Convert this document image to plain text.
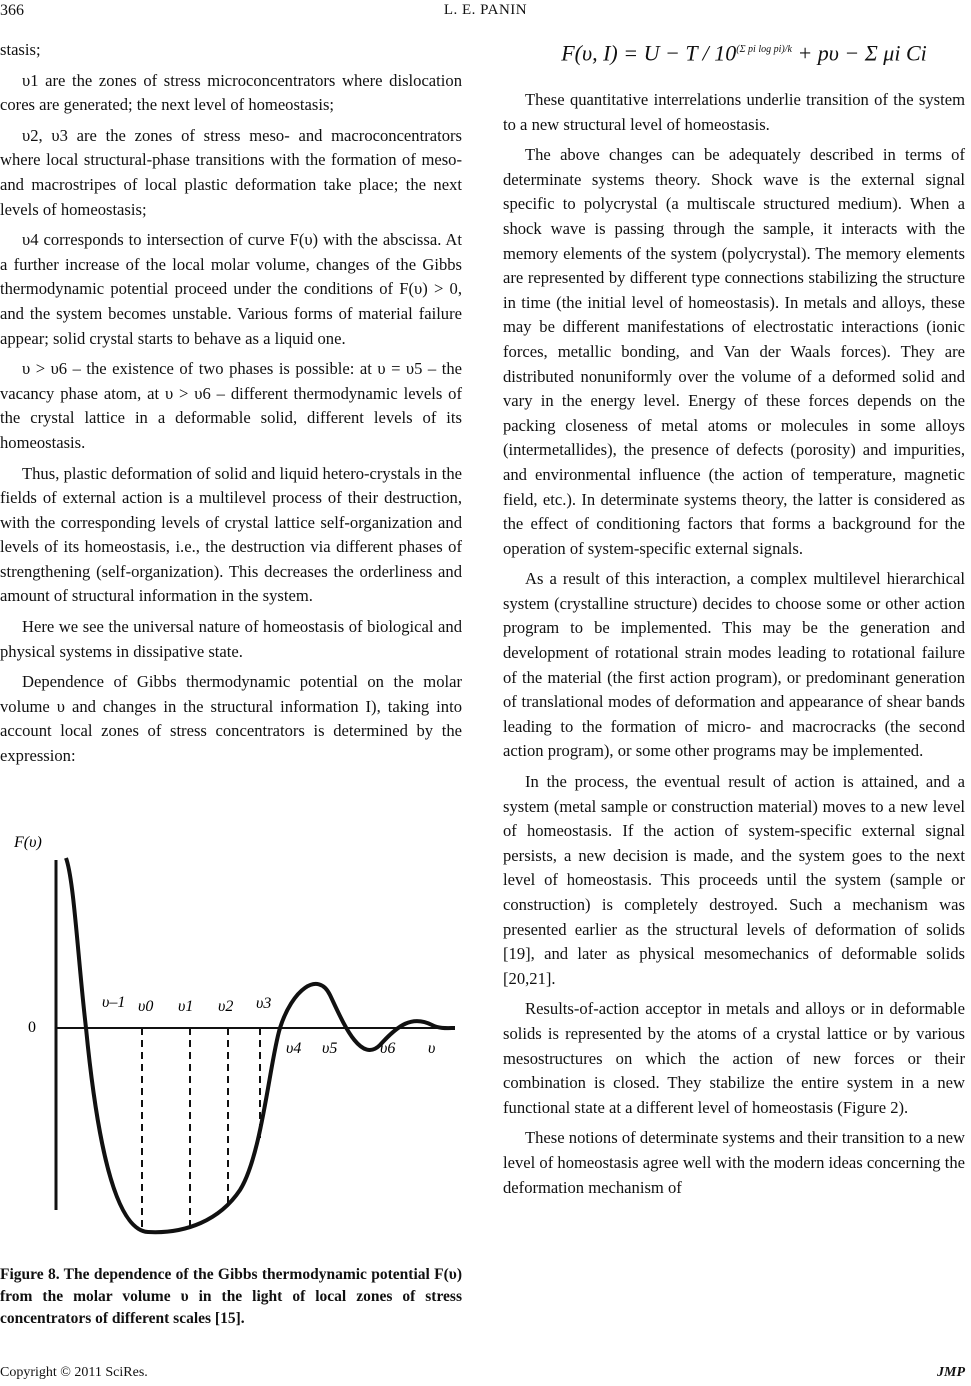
366	L. E. PANIN

stasis;

υ1 are the zones of stress microconcentrators where dislocation cores are generated; the next level of homeostasis;

υ2, υ3 are the zones of stress meso- and macroconcentrators where local structural-phase transitions with the formation of meso- and macrostripes of local plastic deformation take place; the next levels of homeostasis;

υ4 corresponds to intersection of curve F(υ) with the abscissa. At a further increase of the local molar volume, changes of the Gibbs thermodynamic potential proceed under the conditions of F(υ) > 0, and the system becomes unstable. Various forms of material failure appear; solid crystal starts to behave as a liquid one.

υ > υ6 – the existence of two phases is possible: at υ = υ5 – the vacancy phase atom, at υ > υ6 – different thermodynamic levels of the crystal lattice in a deformable solid, different levels of its homeostasis.

Thus, plastic deformation of solid and liquid hetero-crystals in the fields of external action is a multilevel process of their destruction, with the corresponding levels of crystal lattice self-organization and levels of its homeostasis, i.e., the destruction via different phases of strengthening (self-organization). This decreases the orderliness and amount of structural information in the system.

Here we see the universal nature of homeostasis of biological and physical systems in dissipative state.

Dependence of Gibbs thermodynamic potential on the molar volume υ and changes in the structural information I), taking into account local zones of stress concentrators is determined by the expression:

F(υ, $I) = U - T / 10^{(\Sigma pi log pi)/k} + p\upsilon - \Sigma$ μi Ci

These quantitative interrelations underlie transition of the system to a new structural level of homeostasis.

The above changes can be adequately described in terms of determinate systems theory. Shock wave is the external signal specific to polycrystal (a multiscale structured medium). When a shock wave is passing through the sample, it interacts with the memory elements of the system (polycrystal). The memory elements are represented by different type connections stabilizing the structure in time (the initial level of homeostasis). In metals and alloys, these may be different manifestations of electrostatic interactions (ionic forces, metallic bonding, and Van der Waals forces). They are distributed nonuniformly over the volume of a deformed solid and vary in the energy level. Energy of these forces depends on the packing closeness of metal atoms or molecules in some alloys (intermetallides), the presence of defects (porosity) and impurities, and environmental influence (the action of temperature, magnetic field, etc.). In determinate systems theory, the latter is considered as the effect of conditioning factors that forms a background for the operation of system-specific external signals.

As a result of this interaction, a complex multilevel hierarchical system (crystalline structure) decides to choose some or other action program to be implemented. This may be the generation and development of rotational strain modes leading to rotational failure of the material (the first action program), or predominant generation of translational modes of deformation and appearance of shear bands leading to the formation of micro- and macrocracks (the second action program), or some other programs may be implemented.

In the process, the eventual result of action is attained, and a system (metal sample or construction material) moves to a new level of homeostasis. If the action of system-specific external signal persists, a new decision is made, and the system goes to the next level of homeostasis. This proceeds until the system (sample or construction) is completely destroyed. Such a mechanism was presented earlier as the structural levels of deformation of solids [19], and later as physical mesomechanics of deformable solids [20,21].

Results-of-action acceptor in metals and alloys or in deformable solids is represented by the atoms of a crystal lattice or by various mesostructures on which the action of new forces or their combination is closed. They stabilize the entire system in a new functional state at a different level of homeostasis (Figure 2).

These notions of determinate systems and their transition to a new level of homeostasis agree well with the modern ideas concerning the deformation mechanism of

F(υ)
0
υ–1 υ0 υ1 υ2 υ3
υ4 υ5	υ6 υ
Figure 8. The dependence of the Gibbs thermodynamic potential F(υ) from the molar volume υ in the light of local zones of stress concentrators of different scales [15].
Copyright © 2011 SciRes.	JMP
